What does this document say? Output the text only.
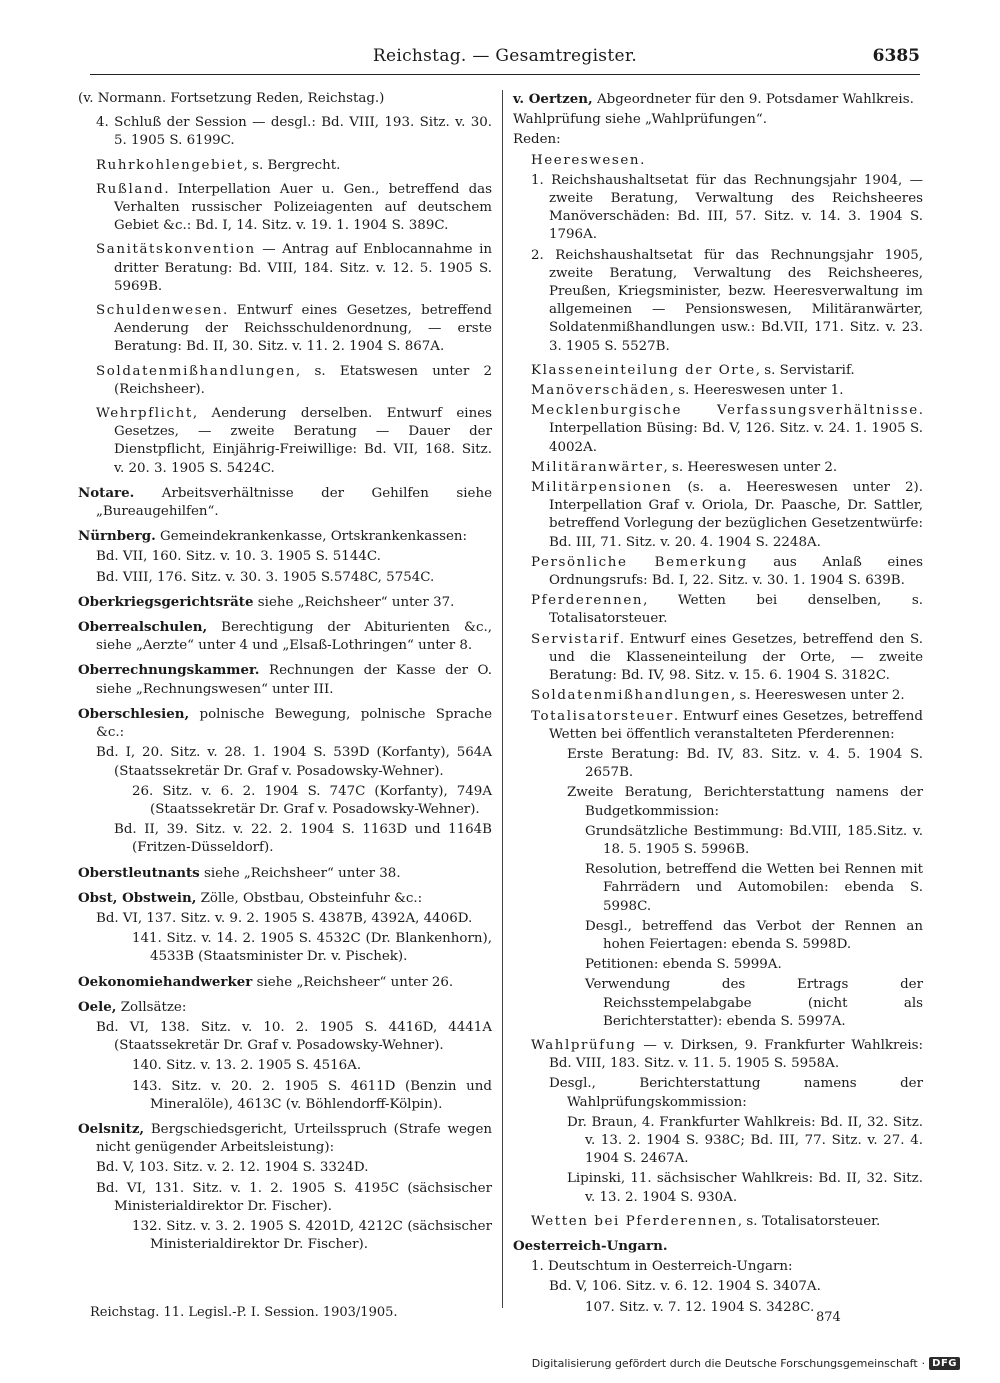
Reichstag. — Gesamtregister.	6385
(v. Normann. Fortsetzung Reden, Reichstag.)
4. Schluß der Session — desgl.: Bd. VIII, 193. Sitz. v. 30. 5. 1905 S. 6199C.
Ruhrkohlengebiet, s. Bergrecht.
Rußland. Interpellation Auer u. Gen., betreffend das Verhalten russischer Polizeiagenten auf deutschem Gebiet &c.: Bd. I, 14. Sitz. v. 19. 1. 1904 S. 389C.
Sanitätskonvention — Antrag auf Enblocannahme in dritter Beratung: Bd. VIII, 184. Sitz. v. 12. 5. 1905 S. 5969B.
Schuldenwesen. Entwurf eines Gesetzes, betreffend Aenderung der Reichsschuldenordnung, — erste Beratung: Bd. II, 30. Sitz. v. 11. 2. 1904 S. 867A.
Soldatenmißhandlungen, s. Etatswesen unter 2 (Reichsheer).
Wehrpflicht, Aenderung derselben. Entwurf eines Gesetzes, — zweite Beratung — Dauer der Dienstpflicht, Einjährig-Freiwillige: Bd. VII, 168. Sitz. v. 20. 3. 1905 S. 5424C.
Notare. Arbeitsverhältnisse der Gehilfen siehe „Bureaugehilfen“.
Nürnberg. Gemeindekrankenkasse, Ortskrankenkassen:
Bd. VII, 160. Sitz. v. 10. 3. 1905 S. 5144C.
Bd. VIII, 176. Sitz. v. 30. 3. 1905 S.5748C, 5754C.
Oberkriegsgerichtsräte siehe „Reichsheer“ unter 37.
Oberrealschulen, Berechtigung der Abiturienten &c., siehe „Aerzte“ unter 4 und „Elsaß-Lothringen“ unter 8.
Oberrechnungskammer. Rechnungen der Kasse der O. siehe „Rechnungswesen“ unter III.
Oberschlesien, polnische Bewegung, polnische Sprache &c.:
Bd. I, 20. Sitz. v. 28. 1. 1904 S. 539D (Korfanty), 564A (Staatssekretär Dr. Graf v. Posadowsky-Wehner).
26. Sitz. v. 6. 2. 1904 S. 747C (Korfanty), 749A (Staatssekretär Dr. Graf v. Posadowsky-Wehner).
Bd. II, 39. Sitz. v. 22. 2. 1904 S. 1163D und 1164B (Fritzen-Düsseldorf).
Oberstleutnants siehe „Reichsheer“ unter 38.
Obst, Obstwein, Zölle, Obstbau, Obsteinfuhr &c.:
Bd. VI, 137. Sitz. v. 9. 2. 1905 S. 4387B, 4392A, 4406D.
141. Sitz. v. 14. 2. 1905 S. 4532C (Dr. Blankenhorn), 4533B (Staatsminister Dr. v. Pischek).
Oekonomiehandwerker siehe „Reichsheer“ unter 26.
Oele, Zollsätze:
Bd. VI, 138. Sitz. v. 10. 2. 1905 S. 4416D, 4441A (Staatssekretär Dr. Graf v. Posadowsky-Wehner).
140. Sitz. v. 13. 2. 1905 S. 4516A.
143. Sitz. v. 20. 2. 1905 S. 4611D (Benzin und Mineralöle), 4613C (v. Böhlendorff-Kölpin).
Oelsnitz, Bergschiedsgericht, Urteilsspruch (Strafe wegen nicht genügender Arbeitsleistung):
Bd. V, 103. Sitz. v. 2. 12. 1904 S. 3324D.
Bd. VI, 131. Sitz. v. 1. 2. 1905 S. 4195C (sächsischer Ministerialdirektor Dr. Fischer).
132. Sitz. v. 3. 2. 1905 S. 4201D, 4212C (sächsischer Ministerialdirektor Dr. Fischer).
v. Oertzen, Abgeordneter für den 9. Potsdamer Wahlkreis.
Wahlprüfung siehe „Wahlprüfungen“.
Reden:
Heereswesen.
1. Reichshaushaltsetat für das Rechnungsjahr 1904, — zweite Beratung, Verwaltung des Reichsheeres Manöverschäden: Bd. III, 57. Sitz. v. 14. 3. 1904 S. 1796A.
2. Reichshaushaltsetat für das Rechnungsjahr 1905, zweite Beratung, Verwaltung des Reichsheeres, Preußen, Kriegsminister, bezw. Heeresverwaltung im allgemeinen — Pensionswesen, Militäranwärter, Soldatenmißhandlungen usw.: Bd.VII, 171. Sitz. v. 23. 3. 1905 S. 5527B.
Klasseneinteilung der Orte, s. Servistarif.
Manöverschäden, s. Heereswesen unter 1.
Mecklenburgische Verfassungsverhältnisse. Interpellation Büsing: Bd. V, 126. Sitz. v. 24. 1. 1905 S. 4002A.
Militäranwärter, s. Heereswesen unter 2.
Militärpensionen (s. a. Heereswesen unter 2). Interpellation Graf v. Oriola, Dr. Paasche, Dr. Sattler, betreffend Vorlegung der bezüglichen Gesetzentwürfe: Bd. III, 71. Sitz. v. 20. 4. 1904 S. 2248A.
Persönliche Bemerkung aus Anlaß eines Ordnungsrufs: Bd. I, 22. Sitz. v. 30. 1. 1904 S. 639B.
Pferderennen, Wetten bei denselben, s. Totalisatorsteuer.
Servistarif. Entwurf eines Gesetzes, betreffend den S. und die Klasseneinteilung der Orte, — zweite Beratung: Bd. IV, 98. Sitz. v. 15. 6. 1904 S. 3182C.
Soldatenmißhandlungen, s. Heereswesen unter 2.
Totalisatorsteuer. Entwurf eines Gesetzes, betreffend Wetten bei öffentlich veranstalteten Pferderennen:
Erste Beratung: Bd. IV, 83. Sitz. v. 4. 5. 1904 S. 2657B.
Zweite Beratung, Berichterstattung namens der Budgetkommission:
Grundsätzliche Bestimmung: Bd.VIII, 185.Sitz. v. 18. 5. 1905 S. 5996B.
Resolution, betreffend die Wetten bei Rennen mit Fahrrädern und Automobilen: ebenda S. 5998C.
Desgl., betreffend das Verbot der Rennen an hohen Feiertagen: ebenda S. 5998D.
Petitionen: ebenda S. 5999A.
Verwendung des Ertrags der Reichsstempelabgabe (nicht als Berichterstatter): ebenda S. 5997A.
Wahlprüfung — v. Dirksen, 9. Frankfurter Wahlkreis: Bd. VIII, 183. Sitz. v. 11. 5. 1905 S. 5958A.
Desgl., Berichterstattung namens der Wahlprüfungskommission:
Dr. Braun, 4. Frankfurter Wahlkreis: Bd. II, 32. Sitz. v. 13. 2. 1904 S. 938C; Bd. III, 77. Sitz. v. 27. 4. 1904 S. 2467A.
Lipinski, 11. sächsischer Wahlkreis: Bd. II, 32. Sitz. v. 13. 2. 1904 S. 930A.
Wetten bei Pferderennen, s. Totalisatorsteuer.
Oesterreich-Ungarn.
1. Deutschtum in Oesterreich-Ungarn:
Bd. V, 106. Sitz. v. 6. 12. 1904 S. 3407A.
107. Sitz. v. 7. 12. 1904 S. 3428C.
Reichstag. 11. Legisl.-P. I. Session. 1903/1905.	874
Digitalisierung gefördert durch die Deutsche Forschungsgemeinschaft · DFG
